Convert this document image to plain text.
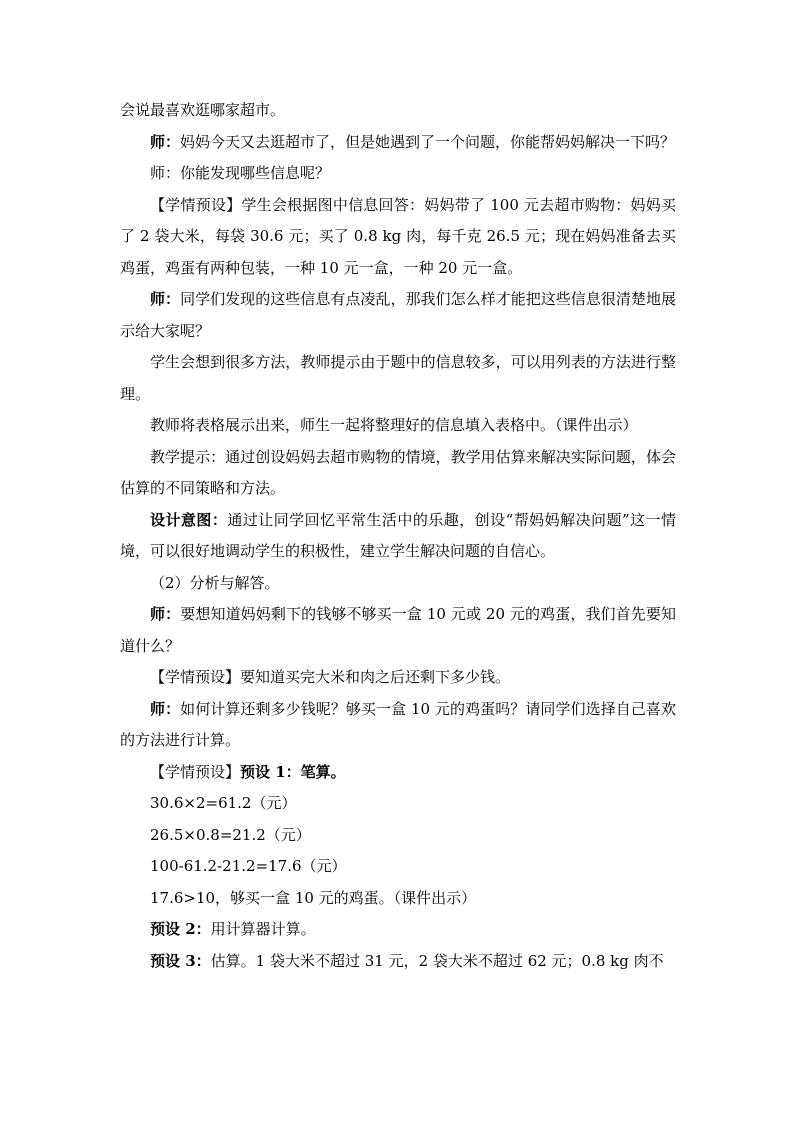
会说最喜欢逛哪家超市。

师：妈妈今天又去逛超市了，但是她遇到了一个问题，你能帮妈妈解决一下吗？

师：你能发现哪些信息呢？

【学情预设】学生会根据图中信息回答：妈妈带了 100 元去超市购物：妈妈买了 2 袋大米，每袋 30.6 元；买了 0.8 kg 肉，每千克 26.5 元；现在妈妈准备去买鸡蛋，鸡蛋有两种包装，一种 10 元一盒，一种 20 元一盒。

师：同学们发现的这些信息有点凌乱，那我们怎么样才能把这些信息很清楚地展示给大家呢？

学生会想到很多方法，教师提示由于题中的信息较多，可以用列表的方法进行整理。

教师将表格展示出来，师生一起将整理好的信息填入表格中。（课件出示）

教学提示：通过创设妈妈去超市购物的情境，教学用估算来解决实际问题，体会估算的不同策略和方法。

设计意图：通过让同学回忆平常生活中的乐趣，创设“帮妈妈解决问题”这一情境，可以很好地调动学生的积极性，建立学生解决问题的自信心。

（2）分析与解答。

师：要想知道妈妈剩下的钱够不够买一盒 10 元或 20 元的鸡蛋，我们首先要知道什么？

【学情预设】要知道买完大米和肉之后还剩下多少钱。

师：如何计算还剩多少钱呢？够买一盒 10 元的鸡蛋吗？请同学们选择自己喜欢的方法进行计算。

【学情预设】预设 1：笔算。

30.6×2=61.2（元）

26.5×0.8=21.2（元）

100-61.2-21.2=17.6（元）

17.6>10，够买一盒 10 元的鸡蛋。（课件出示）

预设 2：用计算器计算。

预设 3：估算。1 袋大米不超过 31 元，2 袋大米不超过 62 元；0.8 kg 肉不
